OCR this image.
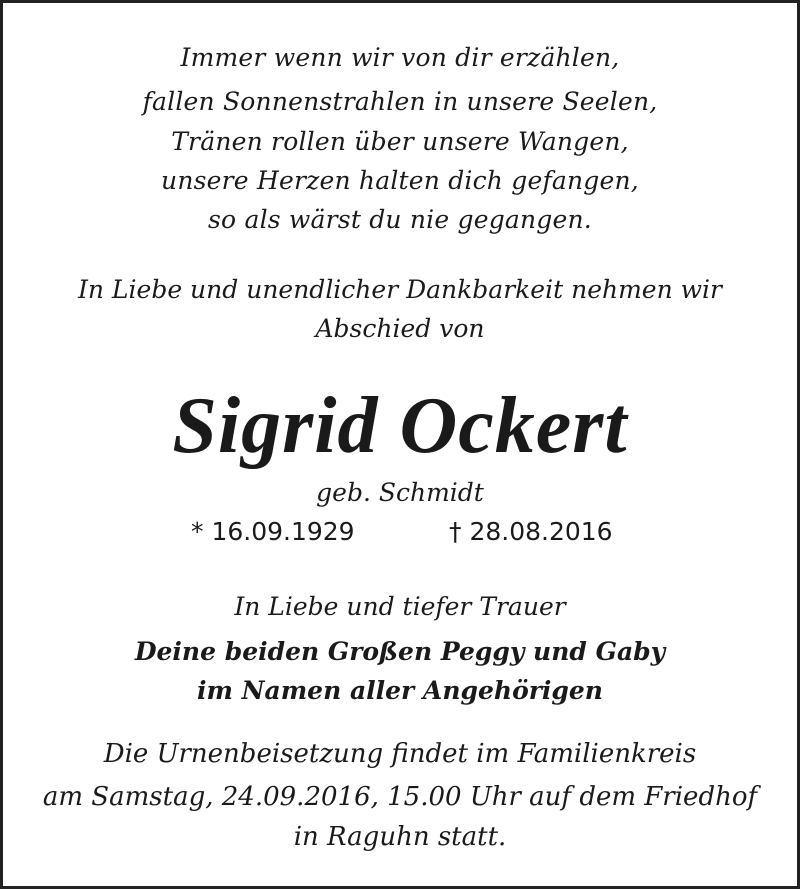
Immer wenn wir von dir erzählen,
fallen Sonnenstrahlen in unsere Seelen,
Tränen rollen über unsere Wangen,
unsere Herzen halten dich gefangen,
so als wärst du nie gegangen.
In Liebe und unendlicher Dankbarkeit nehmen wir
Abschied von
Sigrid Ockert
geb. Schmidt
* 16.09.1929	† 28.08.2016
In Liebe und tiefer Trauer
Deine beiden Großen Peggy und Gaby
im Namen aller Angehörigen
Die Urnenbeisetzung findet im Familienkreis
am Samstag, 24.09.2016, 15.00 Uhr auf dem Friedhof
in Raguhn statt.
